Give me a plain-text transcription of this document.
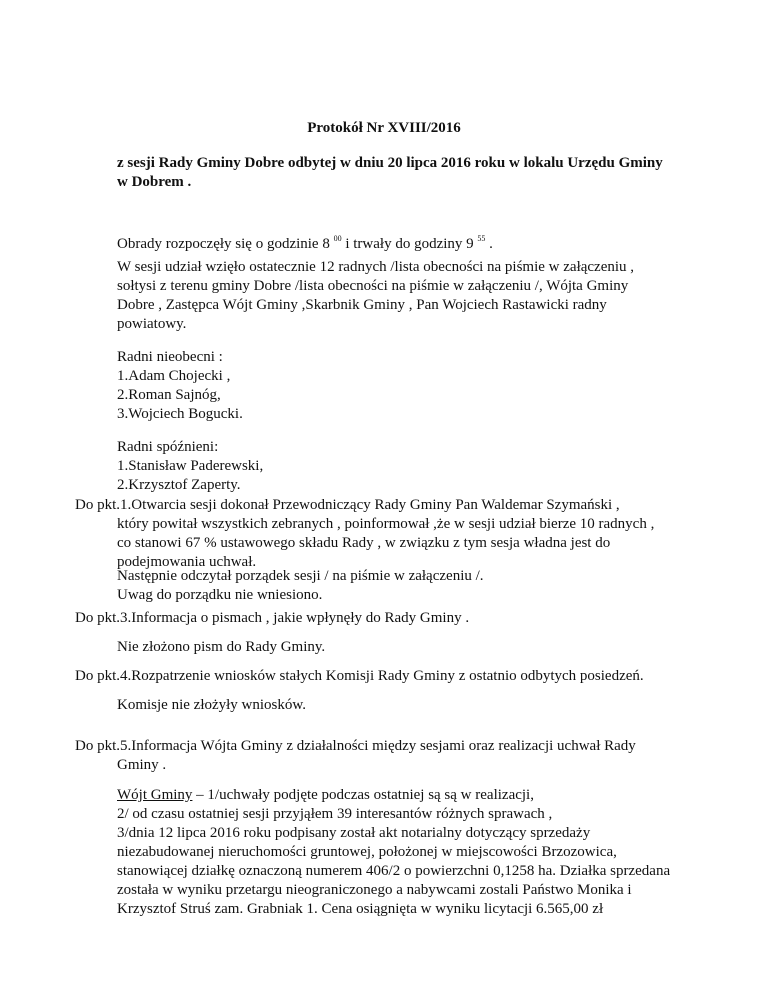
Protokół Nr XVIII/2016
z sesji Rady Gminy Dobre odbytej w dniu 20 lipca 2016 roku w lokalu Urzędu Gminy
w Dobrem .
Obrady rozpoczęły się o godzinie 8 $^{00}$ i trwały do godziny 9 $^{55}$ .
W sesji udział wzięło ostatecznie 12 radnych /lista obecności na piśmie w załączeniu ,
sołtysi z terenu gminy Dobre /lista obecności na piśmie w załączeniu /, Wójta Gminy
Dobre , Zastępca Wójt Gminy ,Skarbnik Gminy , Pan Wojciech Rastawicki radny
powiatowy.
Radni nieobecni :
1.Adam Chojecki ,
2.Roman Sajnóg,
3.Wojciech Bogucki.
Radni spóźnieni:
1.Stanisław Paderewski,
2.Krzysztof Zaperty.
Do pkt.1.Otwarcia sesji dokonał Przewodniczący Rady Gminy Pan Waldemar Szymański ,
który powitał wszystkich zebranych , poinformował ,że w sesji udział bierze 10 radnych ,
co stanowi 67 % ustawowego składu Rady , w związku z tym sesja władna jest do
podejmowania uchwał.
Następnie odczytał porządek sesji / na piśmie w załączeniu /.
Uwag do porządku nie wniesiono.
Do pkt.3.Informacja o pismach , jakie wpłynęły do Rady Gminy .
Nie złożono pism do Rady Gminy.
Do pkt.4.Rozpatrzenie wniosków stałych Komisji Rady Gminy z ostatnio odbytych posiedzeń.
Komisje nie złożyły wniosków.
Do pkt.5.Informacja Wójta Gminy z działalności między sesjami oraz realizacji uchwał Rady
Gminy .
Wójt Gminy – 1/uchwały podjęte podczas ostatniej są są w realizacji,
2/ od czasu ostatniej sesji przyjąłem 39 interesantów różnych sprawach ,
3/dnia 12 lipca 2016 roku podpisany został akt notarialny dotyczący sprzedaży
niezabudowanej nieruchomości gruntowej, położonej w miejscowości Brzozowica,
stanowiącej działkę oznaczoną numerem 406/2 o powierzchni 0,1258 ha. Działka sprzedana
została w wyniku przetargu nieograniczonego a nabywcami zostali Państwo Monika i
Krzysztof Struś zam. Grabniak 1. Cena osiągnięta w wyniku licytacji 6.565,00 zł
